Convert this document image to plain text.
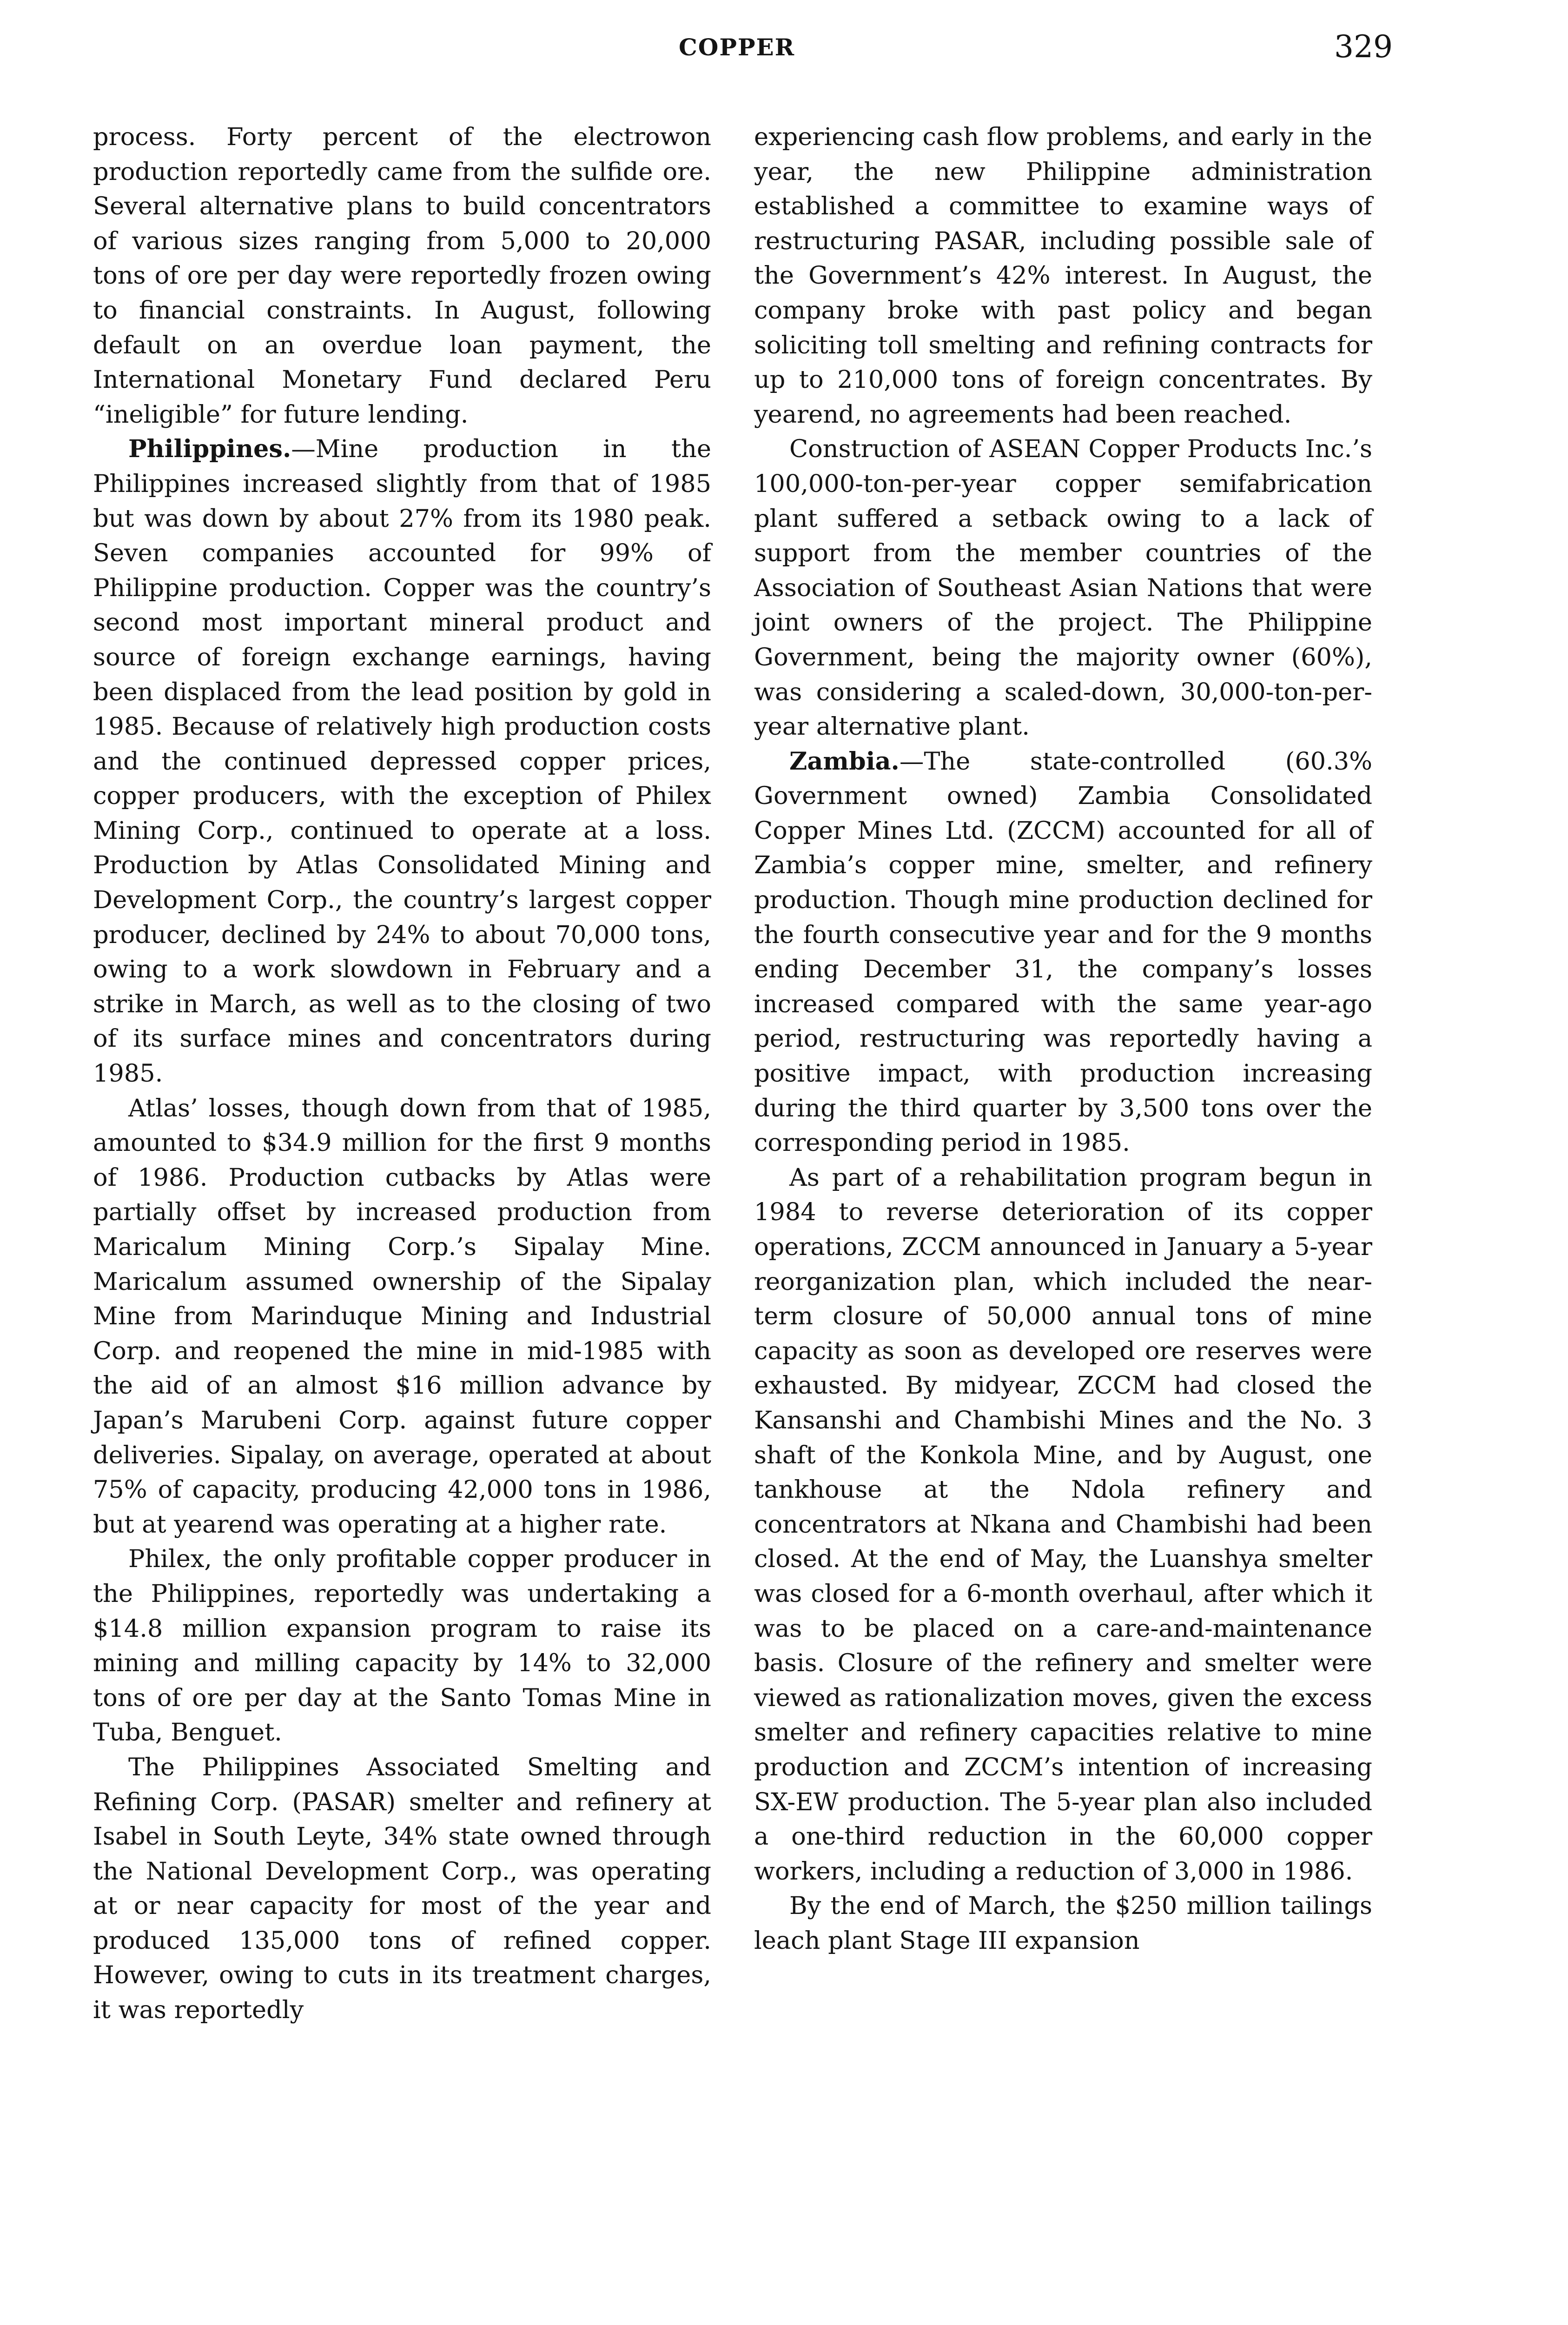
COPPER	329

process. Forty percent of the electrowon production reportedly came from the sulfide ore. Several alternative plans to build concentrators of various sizes ranging from 5,000 to 20,000 tons of ore per day were reportedly frozen owing to financial constraints. In August, following default on an overdue loan payment, the International Monetary Fund declared Peru “ineligible” for future lending.

Philippines.—Mine production in the Philippines increased slightly from that of 1985 but was down by about 27% from its 1980 peak. Seven companies accounted for 99% of Philippine production. Copper was the country’s second most important mineral product and source of foreign exchange earnings, having been displaced from the lead position by gold in 1985. Because of relatively high production costs and the continued depressed copper prices, copper producers, with the exception of Philex Mining Corp., continued to operate at a loss. Production by Atlas Consolidated Mining and Development Corp., the country’s largest copper producer, declined by 24% to about 70,000 tons, owing to a work slowdown in February and a strike in March, as well as to the closing of two of its surface mines and concentrators during 1985.

Atlas’ losses, though down from that of 1985, amounted to $34.9 million for the first 9 months of 1986. Production cutbacks by Atlas were partially offset by increased production from Maricalum Mining Corp.’s Sipalay Mine. Maricalum assumed ownership of the Sipalay Mine from Marinduque Mining and Industrial Corp. and reopened the mine in mid-1985 with the aid of an almost $16 million advance by Japan’s Marubeni Corp. against future copper deliveries. Sipalay, on average, operated at about 75% of capacity, producing 42,000 tons in 1986, but at yearend was operating at a higher rate.

Philex, the only profitable copper producer in the Philippines, reportedly was undertaking a $14.8 million expansion program to raise its mining and milling capacity by 14% to 32,000 tons of ore per day at the Santo Tomas Mine in Tuba, Benguet.

The Philippines Associated Smelting and Refining Corp. (PASAR) smelter and refinery at Isabel in South Leyte, 34% state owned through the National Development Corp., was operating at or near capacity for most of the year and produced 135,000 tons of refined copper. However, owing to cuts in its treatment charges, it was reportedly

experiencing cash flow problems, and early in the year, the new Philippine administration established a committee to examine ways of restructuring PASAR, including possible sale of the Government’s 42% interest. In August, the company broke with past policy and began soliciting toll smelting and refining contracts for up to 210,000 tons of foreign concentrates. By yearend, no agreements had been reached.

Construction of ASEAN Copper Products Inc.’s 100,000-ton-per-year copper semifabrication plant suffered a setback owing to a lack of support from the member countries of the Association of Southeast Asian Nations that were joint owners of the project. The Philippine Government, being the majority owner (60%), was considering a scaled-down, 30,000-ton-per-year alternative plant.

Zambia.—The state-controlled (60.3% Government owned) Zambia Consolidated Copper Mines Ltd. (ZCCM) accounted for all of Zambia’s copper mine, smelter, and refinery production. Though mine production declined for the fourth consecutive year and for the 9 months ending December 31, the company’s losses increased compared with the same year-ago period, restructuring was reportedly having a positive impact, with production increasing during the third quarter by 3,500 tons over the corresponding period in 1985.

As part of a rehabilitation program begun in 1984 to reverse deterioration of its copper operations, ZCCM announced in January a 5-year reorganization plan, which included the near-term closure of 50,000 annual tons of mine capacity as soon as developed ore reserves were exhausted. By midyear, ZCCM had closed the Kansanshi and Chambishi Mines and the No. 3 shaft of the Konkola Mine, and by August, one tankhouse at the Ndola refinery and concentrators at Nkana and Chambishi had been closed. At the end of May, the Luanshya smelter was closed for a 6-month overhaul, after which it was to be placed on a care-and-maintenance basis. Closure of the refinery and smelter were viewed as rationalization moves, given the excess smelter and refinery capacities relative to mine production and ZCCM’s intention of increasing SX-EW production. The 5-year plan also included a one-third reduction in the 60,000 copper workers, including a reduction of 3,000 in 1986.

By the end of March, the $250 million tailings leach plant Stage III expansion
